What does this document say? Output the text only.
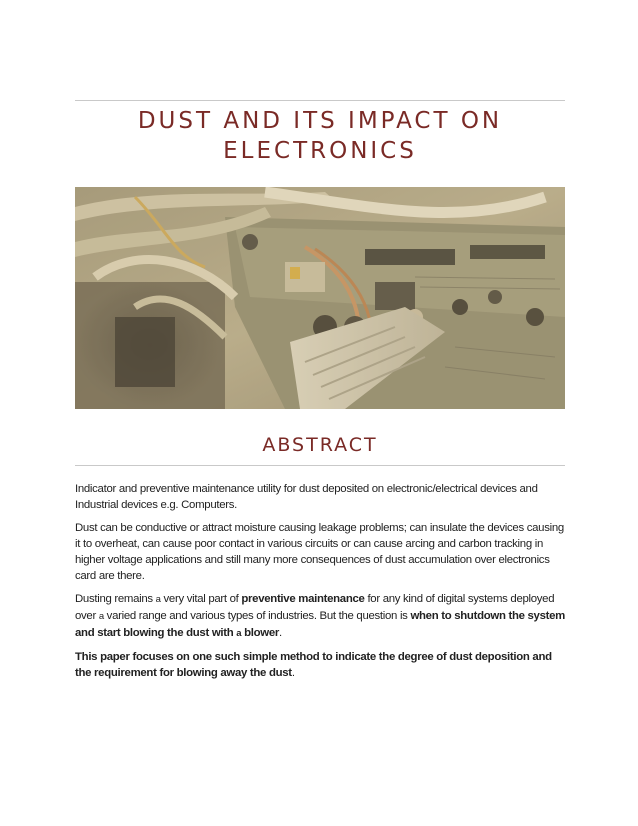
DUST AND ITS IMPACT ON
ELECTRONICS
ABSTRACT

Indicator and preventive maintenance utility for dust deposited on electronic/electrical devices and Industrial devices e.g. Computers.

Dust can be conductive or attract moisture causing leakage problems; can insulate the devices causing it to overheat, can cause poor contact in various circuits or can cause arcing and carbon tracking in higher voltage applications and still many more consequences of dust accumulation over electronics card are there.

Dusting remains a very vital part of preventive maintenance for any kind of digital systems deployed over a varied range and various types of industries. But the question is when to shutdown the system and start blowing the dust with a blower.

This paper focuses on one such simple method to indicate the degree of dust deposition and the requirement for blowing away the dust.
